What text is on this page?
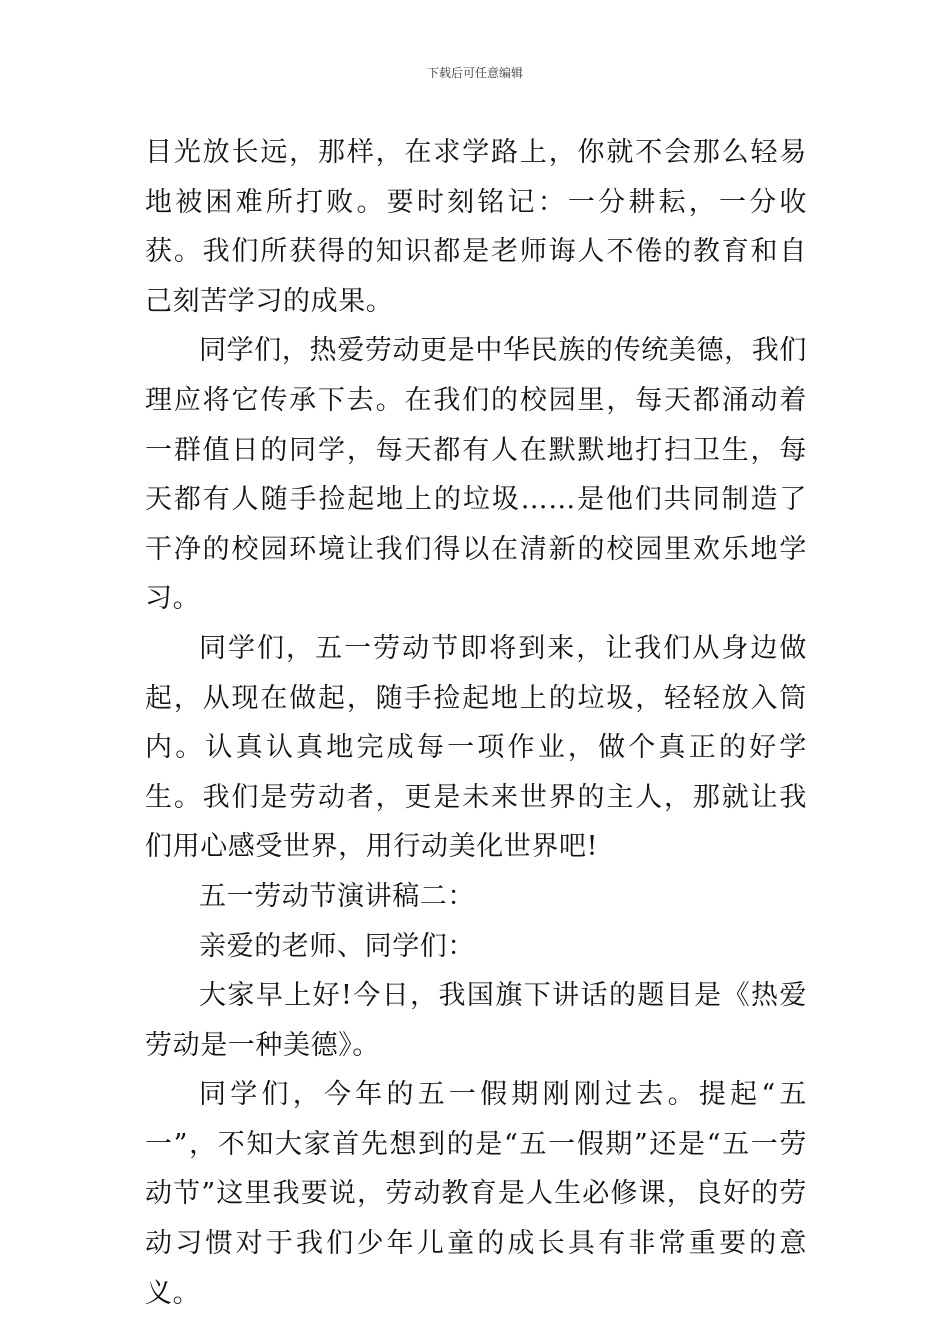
下载后可任意编辑

目光放长远，那样，在求学路上，你就不会那么轻易地被困难所打败。要时刻铭记：一分耕耘，一分收获。我们所获得的知识都是老师诲人不倦的教育和自己刻苦学习的成果。

同学们，热爱劳动更是中华民族的传统美德，我们理应将它传承下去。在我们的校园里，每天都涌动着一群值日的同学，每天都有人在默默地打扫卫生，每天都有人随手捡起地上的垃圾……是他们共同制造了干净的校园环境让我们得以在清新的校园里欢乐地学习。

同学们，五一劳动节即将到来，让我们从身边做起，从现在做起，随手捡起地上的垃圾，轻轻放入筒内。认真认真地完成每一项作业，做个真正的好学生。我们是劳动者，更是未来世界的主人，那就让我们用心感受世界，用行动美化世界吧!

五一劳动节演讲稿二：

亲爱的老师、同学们：

大家早上好!今日，我国旗下讲话的题目是《热爱劳动是一种美德》。

同学们，今年的五一假期刚刚过去。提起“五一”，不知大家首先想到的是“五一假期”还是“五一劳动节”这里我要说，劳动教育是人生必修课，良好的劳动习惯对于我们少年儿童的成长具有非常重要的意义。
